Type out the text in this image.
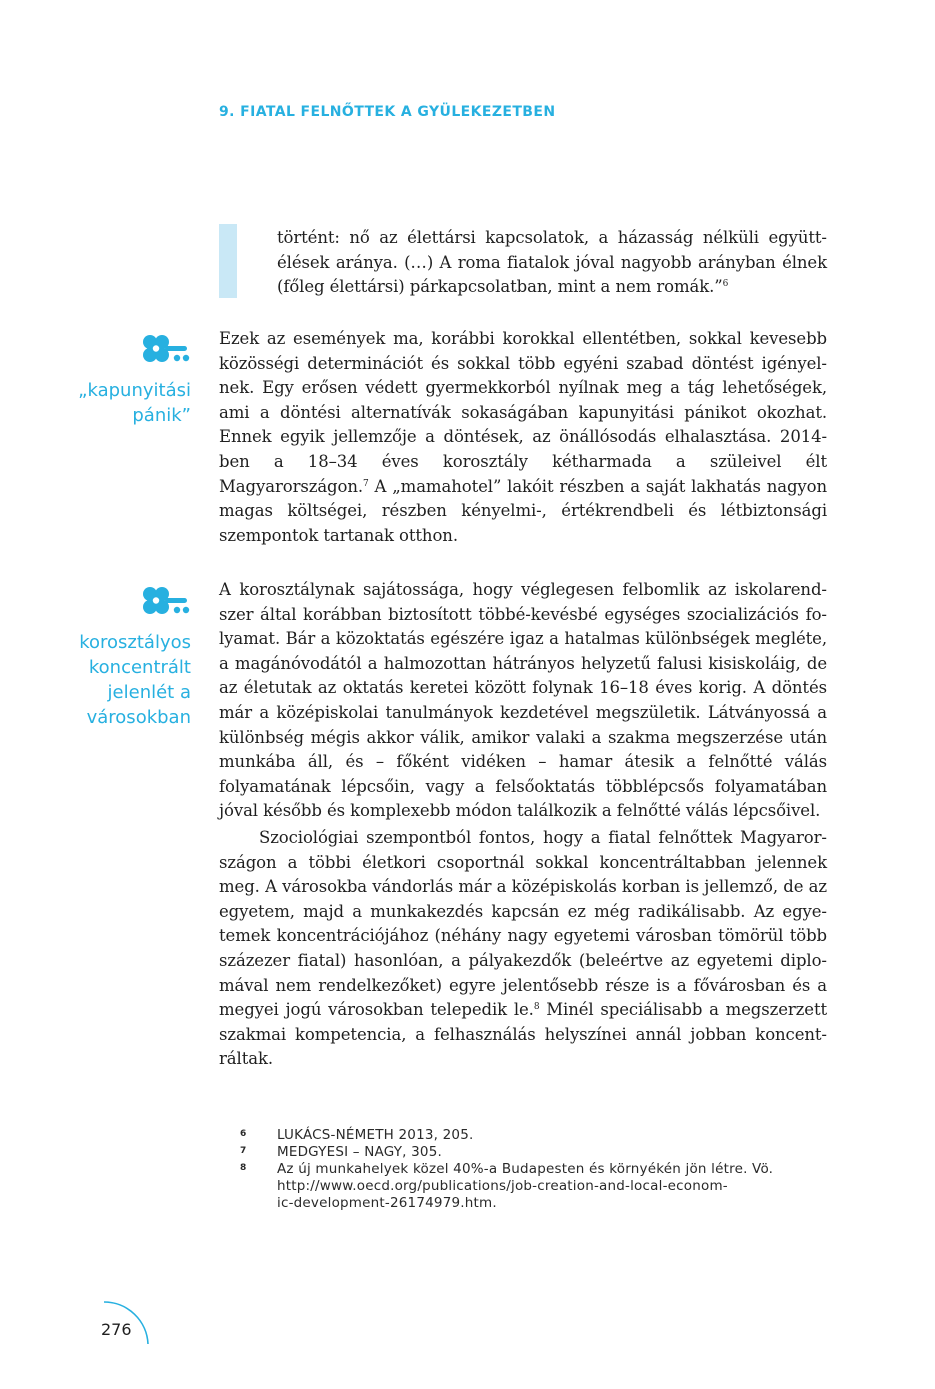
9. FIATAL FELNŐTTEK A GYÜLEKEZETBEN

történt: nő az élettársi kapcsolatok, a házasság nélküli együttélések aránya. (…) A roma fiatalok jóval nagyobb arányban élnek (főleg élettársi) párkapcsolatban, mint a nem romák.”$^6$

„kapunyitási
pánik”
korosztályos
koncentrált
jelenlét a
városokban

Ezek az események ma, korábbi korokkal ellentétben, sokkal kevesebb közösségi determinációt és sokkal több egyéni szabad döntést igényelnek. Egy erősen védett gyermekkorból nyílnak meg a tág lehetőségek, ami a döntési alternatívák sokaságában kapunyitási pánikot okozhat. Ennek egyik jellemzője a döntések, az önállósodás elhalasztása. 2014-ben a 18–34 éves korosztály kétharmada a szüleivel élt Magyarországon.$^7$ A „mamahotel” lakóit részben a saját lakhatás nagyon magas költségei, részben kényelmi-, értékrendbeli és létbiztonsági szempontok tartanak otthon.

A korosztálynak sajátossága, hogy véglegesen felbomlik az iskolarendszer által korábban biztosított többé-kevésbé egységes szocializációs folyamat. Bár a közoktatás egészére igaz a hatalmas különbségek megléte, a magánóvodától a halmozottan hátrányos helyzetű falusi kisiskoláig, de az életutak az oktatás keretei között folynak 16–18 éves korig. A döntés már a középiskolai tanulmányok kezdetével megszületik. Látványossá a különbség mégis akkor válik, amikor valaki a szakma megszerzése után munkába áll, és – főként vidéken – hamar átesik a felnőtté válás folyamatának lépcsőin, vagy a felsőoktatás többlépcsős folyamatában jóval később és komplexebb módon találkozik a felnőtté válás lépcsőivel.

Szociológiai szempontból fontos, hogy a fiatal felnőttek Magyarországon a többi életkori csoportnál sokkal koncentráltabban jelennek meg. A városokba vándorlás már a középiskolás korban is jellemző, de az egyetem, majd a munkakezdés kapcsán ez még radikálisabb. Az egyetemek koncentrációjához (néhány nagy egyetemi városban tömörül több százezer fiatal) hasonlóan, a pályakezdők (beleértve az egyetemi diplomával nem rendelkezőket) egyre jelentősebb része is a fővárosban és a megyei jogú városokban telepedik le.$^8$ Minél speciálisabb a megszerzett szakmai kompetencia, a felhasználás helyszínei annál jobban koncentráltak.

6 LUKÁCS-NÉMETH 2013, 205.
7 MEDGYESI – NAGY, 305.
8 Az új munkahelyek közel 40%-a Budapesten és környékén jön létre. Vö.
http://www.oecd.org/publications/job-creation-and-local-econom-
ic-development-26174979.htm.
276
